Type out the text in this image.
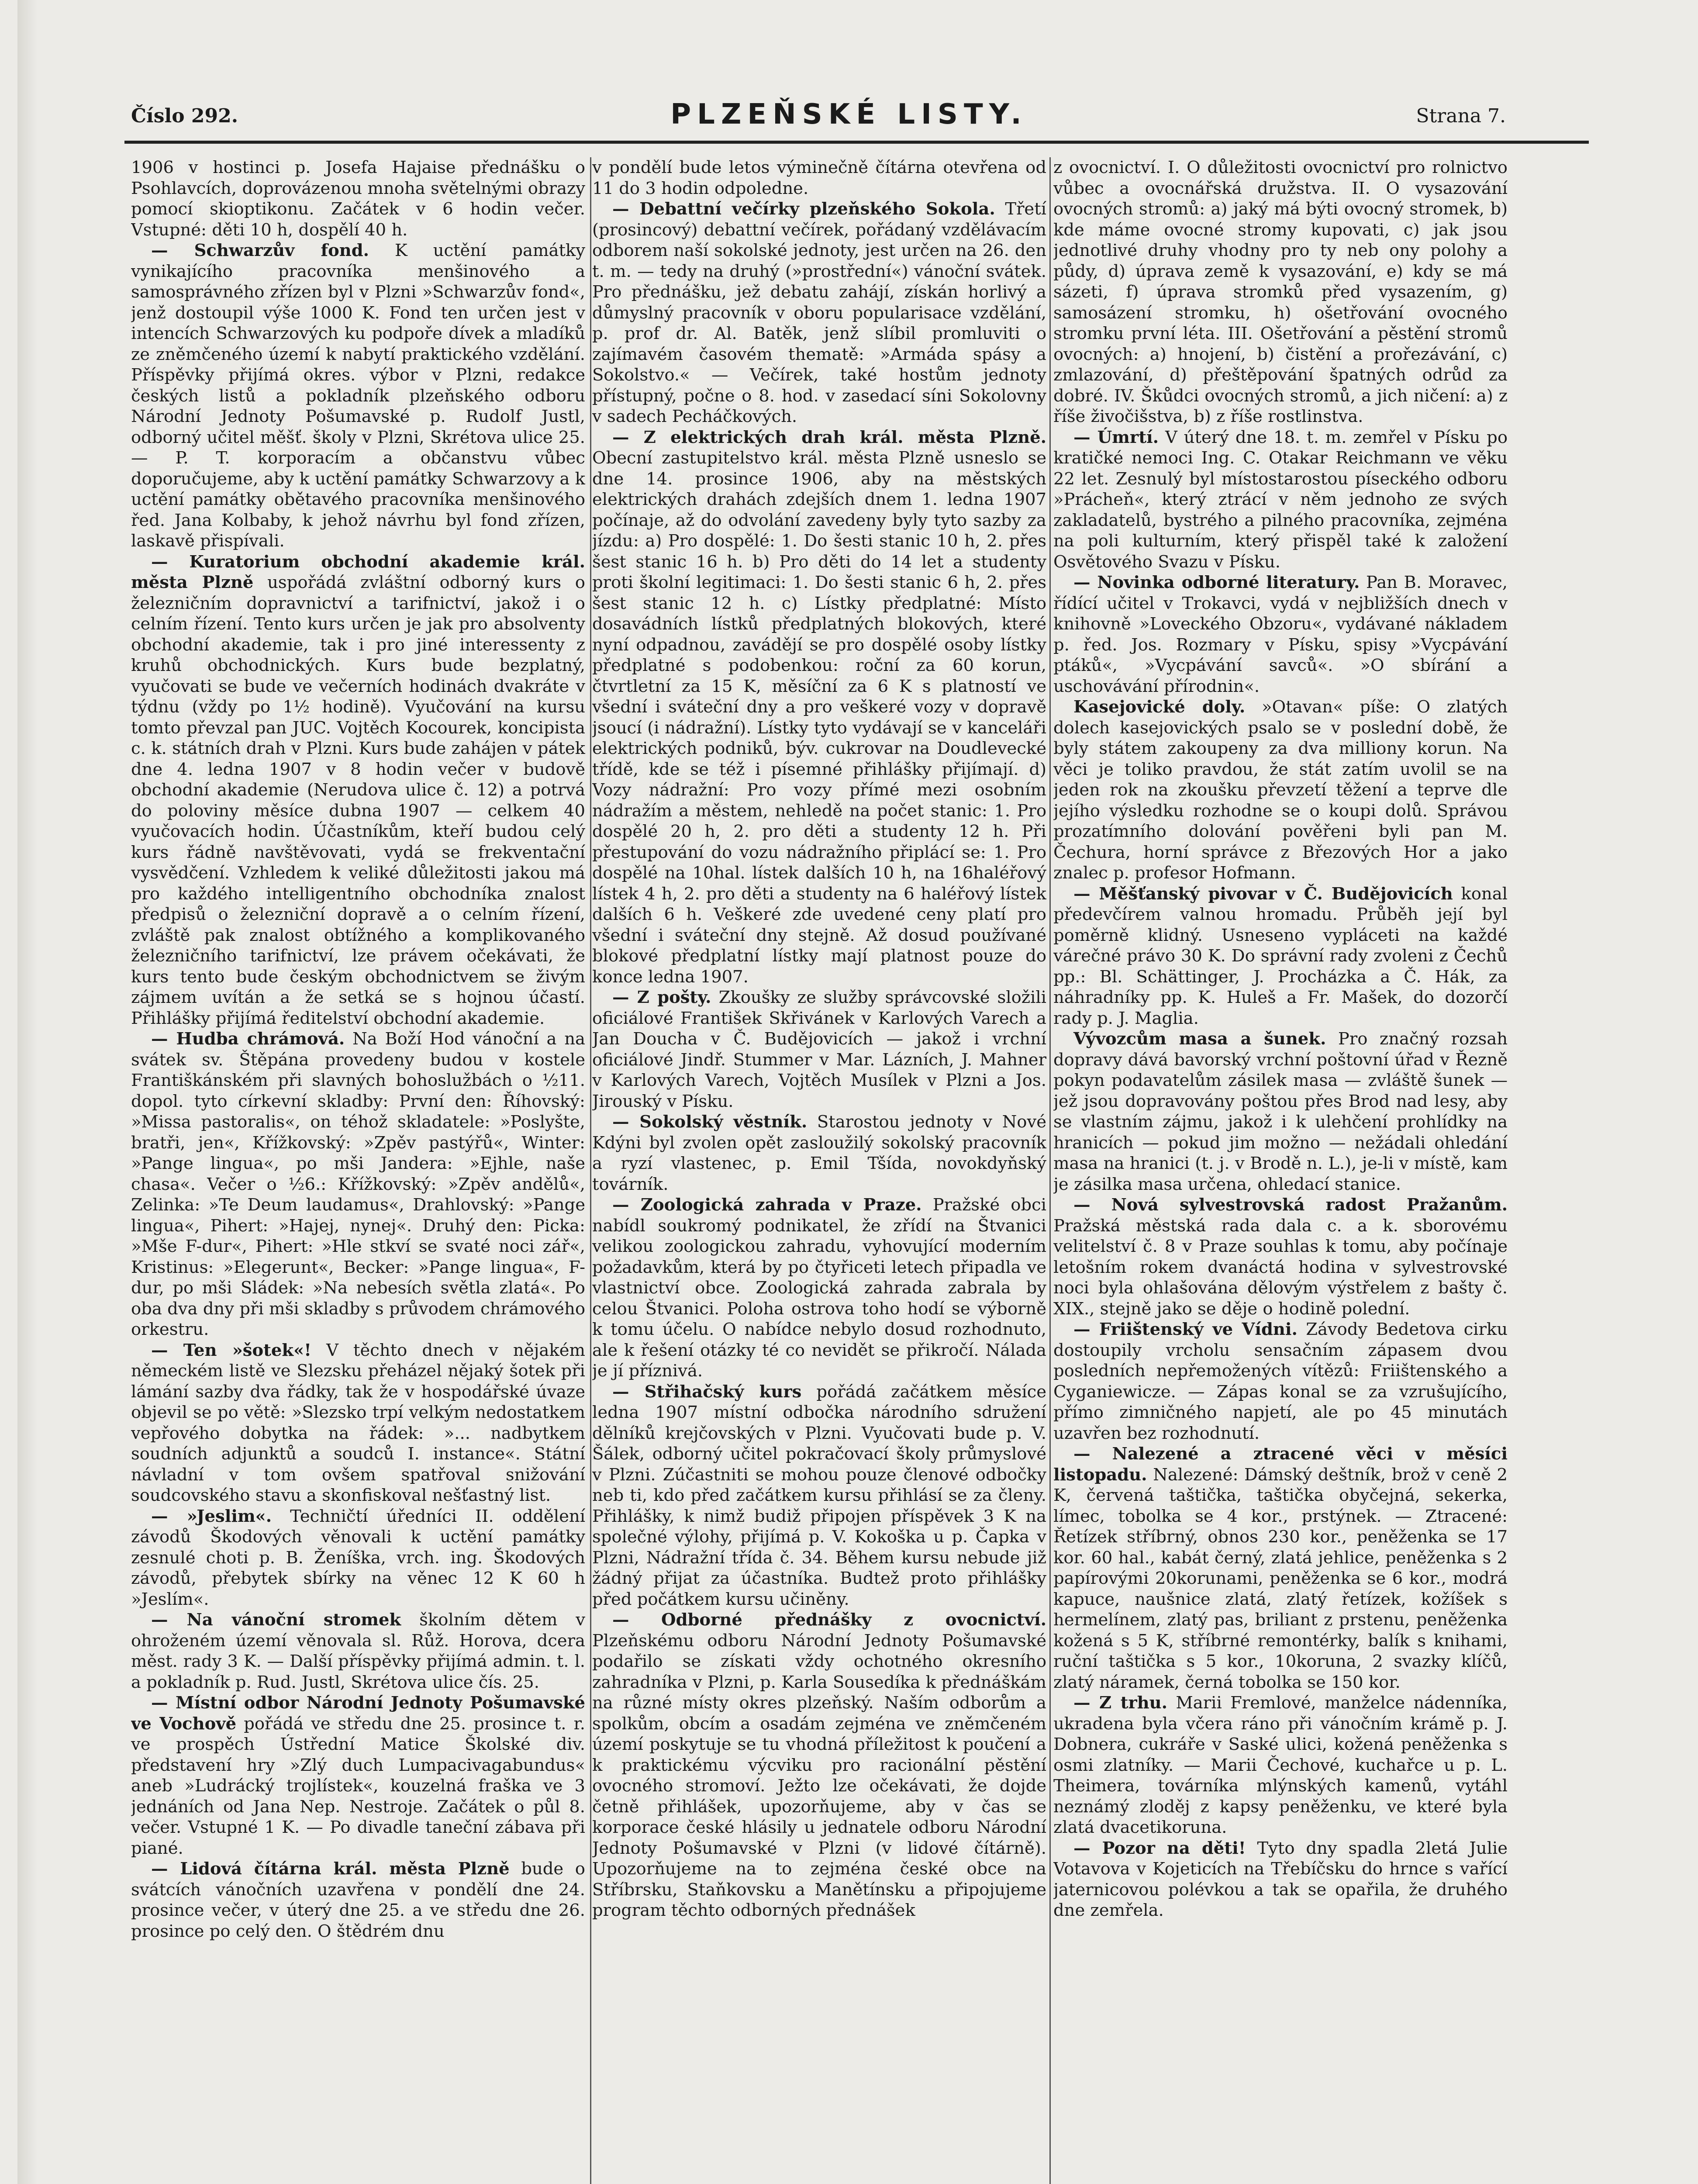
Číslo 292.	PLZEŇSKÉ LISTY.	Strana 7.

1906 v hostinci p. Josefa Hajaise přednášku o Psohlavcích, doprovázenou mnoha světelnými obrazy pomocí skioptikonu. Začátek v 6 hodin večer. Vstupné: děti 10 h, dospělí 40 h.

— Schwarzův fond. K uctění památky vynikajícího pracovníka menšinového a samosprávného zřízen byl v Plzni »Schwarzův fond«, jenž dostoupil výše 1000 K. Fond ten určen jest v intencích Schwarzových ku podpoře dívek a mladíků ze zněmčeného území k nabytí praktického vzdělání. Příspěvky přijímá okres. výbor v Plzni, redakce českých listů a pokladník plzeňského odboru Národní Jednoty Pošumavské p. Rudolf Justl, odborný učitel měšť. školy v Plzni, Skrétova ulice 25. — P. T. korporacím a občanstvu vůbec doporučujeme, aby k uctění památky Schwarzovy a k uctění památky obětavého pracovníka menšinového řed. Jana Kolbaby, k jehož návrhu byl fond zřízen, laskavě přispívali.

— Kuratorium obchodní akademie král. města Plzně uspořádá zvláštní odborný kurs o železničním dopravnictví a tarifnictví, jakož i o celním řízení. Tento kurs určen je jak pro absolventy obchodní akademie, tak i pro jiné interessenty z kruhů obchodnických. Kurs bude bezplatný, vyučovati se bude ve večerních hodinách dvakráte v týdnu (vždy po 1½ hodině). Vyučování na kursu tomto převzal pan JUC. Vojtěch Kocourek, koncipista c. k. státních drah v Plzni. Kurs bude zahájen v pátek dne 4. ledna 1907 v 8 hodin večer v budově obchodní akademie (Nerudova ulice č. 12) a potrvá do poloviny měsíce dubna 1907 — celkem 40 vyučovacích hodin. Účastníkům, kteří budou celý kurs řádně navštěvovati, vydá se frekventační vysvědčení. Vzhledem k veliké důležitosti jakou má pro každého intelligentního obchodníka znalost předpisů o železniční dopravě a o celním řízení, zvláště pak znalost obtížného a komplikovaného železničního tarifnictví, lze právem očekávati, že kurs tento bude českým obchodnictvem se živým zájmem uvítán a že setká se s hojnou účastí. Přihlášky přijímá ředitelství obchodní akademie.

— Hudba chrámová. Na Boží Hod vánoční a na svátek sv. Štěpána provedeny budou v kostele Františkánském při slavných bohoslužbách o ½11. dopol. tyto církevní skladby: První den: Říhovský: »Missa pastoralis«, on téhož skladatele: »Poslyšte, bratři, jen«, Křížkovský: »Zpěv pastýřů«, Winter: »Pange lingua«, po mši Jandera: »Ejhle, naše chasa«. Večer o ½6.: Křížkovský: »Zpěv andělů«, Zelinka: »Te Deum laudamus«, Drahlovský: »Pange lingua«, Pihert: »Hajej, nynej«. Druhý den: Picka: »Mše F-dur«, Pihert: »Hle stkví se svaté noci zář«, Kristinus: »Elegerunt«, Becker: »Pange lingua«, F-dur, po mši Sládek: »Na nebesích světla zlatá«. Po oba dva dny při mši skladby s průvodem chrámového orkestru.

— Ten »šotek«! V těchto dnech v nějakém německém listě ve Slezsku přeházel nějaký šotek při lámání sazby dva řádky, tak že v hospodářské úvaze objevil se po větě: »Slezsko trpí velkým nedostatkem vepřového dobytka na řádek: »... nadbytkem soudních adjunktů a soudců I. instance«. Státní návladní v tom ovšem spatřoval snižování soudcovského stavu a skonfiskoval nešťastný list.

— »Jeslim«. Techničtí úředníci II. oddělení závodů Škodových věnovali k uctění památky zesnulé choti p. B. Ženíška, vrch. ing. Škodových závodů, přebytek sbírky na věnec 12 K 60 h »Jeslím«.

— Na vánoční stromek školním dětem v ohroženém území věnovala sl. Růž. Horova, dcera měst. rady 3 K. — Další příspěvky přijímá admin. t. l. a pokladník p. Rud. Justl, Skrétova ulice čís. 25.

— Místní odbor Národní Jednoty Pošumavské ve Vochově pořádá ve středu dne 25. prosince t. r. ve prospěch Ústřední Matice Školské div. představení hry »Zlý duch Lumpacivagabundus« aneb »Ludrácký trojlístek«, kouzelná fraška ve 3 jednáních od Jana Nep. Nestroje. Začátek o půl 8. večer. Vstupné 1 K. — Po divadle taneční zábava při piané.

— Lidová čítárna král. města Plzně bude o svátcích vánočních uzavřena v pondělí dne 24. prosince večer, v úterý dne 25. a ve středu dne 26. prosince po celý den. O štědrém dnu

v pondělí bude letos výminečně čítárna otevřena od 11 do 3 hodin odpoledne.

— Debattní večírky plzeňského Sokola. Třetí (prosincový) debattní večírek, pořádaný vzdělávacím odborem naší sokolské jednoty, jest určen na 26. den t. m. — tedy na druhý (»prostřední«) vánoční svátek. Pro přednášku, jež debatu zahájí, získán horlivý a důmyslný pracovník v oboru popularisace vzdělání, p. prof dr. Al. Batěk, jenž slíbil promluviti o zajímavém časovém thematě: »Armáda spásy a Sokolstvo.« — Večírek, také hostům jednoty přístupný, počne o 8. hod. v zasedací síni Sokolovny v sadech Pecháčkových.

— Z elektrických drah král. města Plzně. Obecní zastupitelstvo král. města Plzně usneslo se dne 14. prosince 1906, aby na městských elektrických drahách zdejších dnem 1. ledna 1907 počínaje, až do odvolání zavedeny byly tyto sazby za jízdu: a) Pro dospělé: 1. Do šesti stanic 10 h, 2. přes šest stanic 16 h. b) Pro děti do 14 let a studenty proti školní legitimaci: 1. Do šesti stanic 6 h, 2. přes šest stanic 12 h. c) Lístky předplatné: Místo dosavádních lístků předplatných blokových, které nyní odpadnou, zavádějí se pro dospělé osoby lístky předplatné s podobenkou: roční za 60 korun, čtvrtletní za 15 K, měsíční za 6 K s platností ve všední i sváteční dny a pro veškeré vozy v dopravě jsoucí (i nádražní). Lístky tyto vydávají se v kanceláři elektrických podniků, býv. cukrovar na Doudlevecké třídě, kde se též i písemné přihlášky přijímají. d) Vozy nádražní: Pro vozy přímé mezi osobním nádražím a městem, nehledě na počet stanic: 1. Pro dospělé 20 h, 2. pro děti a studenty 12 h. Při přestupování do vozu nádražního připlácí se: 1. Pro dospělé na 10hal. lístek dalších 10 h, na 16haléřový lístek 4 h, 2. pro děti a studenty na 6 haléřový lístek dalších 6 h. Veškeré zde uvedené ceny platí pro všední i sváteční dny stejně. Až dosud používané blokové předplatní lístky mají platnost pouze do konce ledna 1907.

— Z pošty. Zkoušky ze služby správcovské složili oficiálové František Skřivánek v Karlových Varech a Jan Doucha v Č. Budějovicích — jakož i vrchní oficiálové Jindř. Stummer v Mar. Lázních, J. Mahner v Karlových Varech, Vojtěch Musílek v Plzni a Jos. Jirouský v Písku.

— Sokolský věstník. Starostou jednoty v Nové Kdýni byl zvolen opět zasloužilý sokolský pracovník a ryzí vlastenec, p. Emil Tšída, novokdyňský továrník.

— Zoologická zahrada v Praze. Pražské obci nabídl soukromý podnikatel, že zřídí na Štvanici velikou zoologickou zahradu, vyhovující moderním požadavkům, která by po čtyřiceti letech připadla ve vlastnictví obce. Zoologická zahrada zabrala by celou Štvanici. Poloha ostrova toho hodí se výborně k tomu účelu. O nabídce nebylo dosud rozhodnuto, ale k řešení otázky té co nevidět se přikročí. Nálada je jí příznivá.

— Střihačský kurs pořádá začátkem měsíce ledna 1907 místní odbočka národního sdružení dělníků krejčovských v Plzni. Vyučovati bude p. V. Šálek, odborný učitel pokračovací školy průmyslové v Plzni. Zúčastniti se mohou pouze členové odbočky neb ti, kdo před začátkem kursu přihlásí se za členy. Přihlášky, k nimž budiž připojen příspěvek 3 K na společné výlohy, přijímá p. V. Kokoška u p. Čapka v Plzni, Nádražní třída č. 34. Během kursu nebude již žádný přijat za účastníka. Budtež proto přihlášky před počátkem kursu učiněny.

— Odborné přednášky z ovocnictví. Plzeňskému odboru Národní Jednoty Pošumavské podařilo se získati vždy ochotného okresního zahradníka v Plzni, p. Karla Sousedíka k přednáškám na různé místy okres plzeňský. Naším odborům a spolkům, obcím a osadám zejména ve zněmčeném území poskytuje se tu vhodná příležitost k poučení a k praktickému výcviku pro racionální pěstění ovocného stromoví. Ježto lze očekávati, že dojde četně přihlášek, upozorňujeme, aby v čas se korporace české hlásily u jednatele odboru Národní Jednoty Pošumavské v Plzni (v lidové čítárně). Upozorňujeme na to zejména české obce na Stříbrsku, Staňkovsku a Manětínsku a připojujeme program těchto odborných přednášek

z ovocnictví. I. O důležitosti ovocnictví pro rolnictvo vůbec a ovocnářská družstva. II. O vysazování ovocných stromů: a) jaký má býti ovocný stromek, b) kde máme ovocné stromy kupovati, c) jak jsou jednotlivé druhy vhodny pro ty neb ony polohy a půdy, d) úprava země k vysazování, e) kdy se má sázeti, f) úprava stromků před vysazením, g) samosázení stromku, h) ošetřování ovocného stromku první léta. III. Ošetřování a pěstění stromů ovocných: a) hnojení, b) čistění a prořezávání, c) zmlazování, d) přeštěpování špatných odrůd za dobré. IV. Škůdci ovocných stromů, a jich ničení: a) z říše živočišstva, b) z říše rostlinstva.

— Úmrtí. V úterý dne 18. t. m. zemřel v Písku po kratičké nemoci Ing. C. Otakar Reichmann ve věku 22 let. Zesnulý byl místostarostou píseckého odboru »Prácheň«, který ztrácí v něm jednoho ze svých zakladatelů, bystrého a pilného pracovníka, zejména na poli kulturním, který přispěl také k založení Osvětového Svazu v Písku.

— Novinka odborné literatury. Pan B. Moravec, řídící učitel v Trokavci, vydá v nejbližších dnech v knihovně »Loveckého Obzoru«, vydávané nákladem p. řed. Jos. Rozmary v Písku, spisy »Vycpávání ptáků«, »Vycpávání savců«. »O sbírání a uschovávání přírodnin«.

Kasejovické doly. »Otavan« píše: O zlatých dolech kasejovických psalo se v poslední době, že byly státem zakoupeny za dva milliony korun. Na věci je toliko pravdou, že stát zatím uvolil se na jeden rok na zkoušku převzetí těžení a teprve dle jejího výsledku rozhodne se o koupi dolů. Správou prozatímního dolování pověřeni byli pan M. Čechura, horní správce z Březových Hor a jako znalec p. profesor Hofmann.

— Měšťanský pivovar v Č. Budějovicích konal předevčírem valnou hromadu. Průběh její byl poměrně klidný. Usneseno vypláceti na každé várečné právo 30 K. Do správní rady zvoleni z Čechů pp.: Bl. Schättinger, J. Procházka a Č. Hák, za náhradníky pp. K. Huleš a Fr. Mašek, do dozorčí rady p. J. Maglia.

Vývozcům masa a šunek. Pro značný rozsah dopravy dává bavorský vrchní poštovní úřad v Řezně pokyn podavatelům zásilek masa — zvláště šunek — jež jsou dopravovány poštou přes Brod nad lesy, aby se vlastním zájmu, jakož i k ulehčení prohlídky na hranicích — pokud jim možno — nežádali ohledání masa na hranici (t. j. v Brodě n. L.), je-li v místě, kam je zásilka masa určena, ohledací stanice.

— Nová sylvestrovská radost Pražanům. Pražská městská rada dala c. a k. sborovému velitelství č. 8 v Praze souhlas k tomu, aby počínaje letošním rokem dvanáctá hodina v sylvestrovské noci byla ohlašována dělovým výstřelem z bašty č. XIX., stejně jako se děje o hodině polední.

— Friištenský ve Vídni. Závody Bedetova cirku dostoupily vrcholu sensačním zápasem dvou posledních nepřemožených vítězů: Friištenského a Cyganiewicze. — Zápas konal se za vzrušujícího, přímo zimničného napjetí, ale po 45 minutách uzavřen bez rozhodnutí.

— Nalezené a ztracené věci v měsíci listopadu. Nalezené: Dámský deštník, brož v ceně 2 K, červená taštička, taštička obyčejná, sekerka, límec, tobolka se 4 kor., prstýnek. — Ztracené: Řetízek stříbrný, obnos 230 kor., peněženka se 17 kor. 60 hal., kabát černý, zlatá jehlice, peněženka s 2 papírovými 20korunami, peněženka se 6 kor., modrá kapuce, naušnice zlatá, zlatý řetízek, kožíšek s hermelínem, zlatý pas, briliant z prstenu, peněženka kožená s 5 K, stříbrné remontérky, balík s knihami, ruční taštička s 5 kor., 10koruna, 2 svazky klíčů, zlatý náramek, černá tobolka se 150 kor.

— Z trhu. Marii Fremlové, manželce nádenníka, ukradena byla včera ráno při vánočním krámě p. J. Dobnera, cukráře v Saské ulici, kožená peněženka s osmi zlatníky. — Marii Čechové, kuchařce u p. L. Theimera, továrníka mlýnských kamenů, vytáhl neznámý zloděj z kapsy peněženku, ve které byla zlatá dvacetikoruna.

— Pozor na děti! Tyto dny spadla 2letá Julie Votavova v Kojeticích na Třebíčsku do hrnce s vařící jaternicovou polévkou a tak se opařila, že druhého dne zemřela.
